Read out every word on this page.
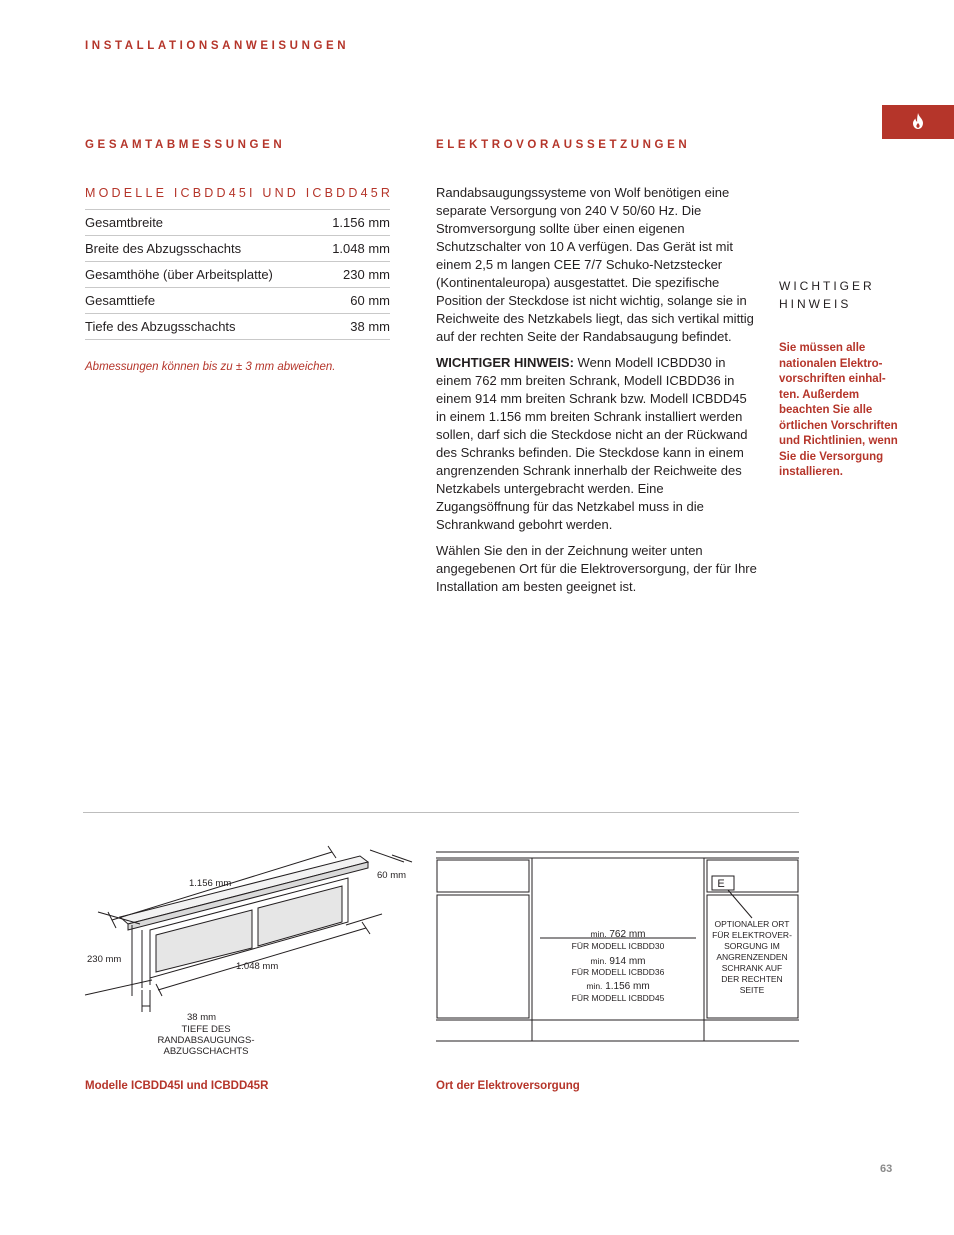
INSTALLATIONSANWEISUNGEN
GESAMTABMESSUNGEN	ELEKTROVORAUSSETZUNGEN
MODELLE ICBDD45I UND ICBDD45R
Gesamtbreite	1.156 mm
Breite des Abzugsschachts	1.048 mm
Gesamthöhe (über Arbeitsplatte)	230 mm
Gesamttiefe	60 mm
Tiefe des Abzugsschachts	38 mm
Abmessungen können bis zu ± 3 mm abweichen.

Randabsaugungssysteme von Wolf benötigen eine separate Versorgung von 240 V 50/60 Hz. Die Stromversorgung sollte über einen eigenen Schutzschalter von 10 A verfügen. Das Gerät ist mit einem 2,5 m langen CEE 7/7 Schuko-Netzstecker (Kontinentaleuropa) ausgestattet. Die spezifische Position der Steckdose ist nicht wichtig, solange sie in Reichweite des Netzkabels liegt, das sich vertikal mittig auf der rechten Seite der Randabsaugung befindet.

WICHTIGER HINWEIS: Wenn Modell ICBDD30 in einem 762 mm breiten Schrank, Modell ICBDD36 in einem 914 mm breiten Schrank bzw. Modell ICBDD45 in einem 1.156 mm breiten Schrank installiert werden sollen, darf sich die Steckdose nicht an der Rückwand des Schranks befinden. Die Steckdose kann in einem angrenzenden Schrank innerhalb der Reichweite des Netzkabels untergebracht werden. Eine Zugangsöffnung für das Netzkabel muss in die Schrankwand gebohrt werden.

Wählen Sie den in der Zeichnung weiter unten angegebenen Ort für die Elektroversorgung, der für Ihre Installation am besten geeignet ist.

WICHTIGER
HINWEIS
Sie müssen alle nationalen Elektro-vorschriften einhal-ten. Außerdem beachten Sie alle örtlichen Vorschriften und Richtlinien, wenn Sie die Versorgung installieren.
1.156 mm
60 mm
230 mm
1.048 mm
38 mm
TIEFE DES
RANDABSAUGUNGS-
ABZUGSCHACHTS
E
min. 762 mm
FÜR MODELL ICBDD30
min. 914 mm
FÜR MODELL ICBDD36
min. 1.156 mm
FÜR MODELL ICBDD45
OPTIONALER ORT
FÜR ELEKTROVER-
SORGUNG IM
ANGRENZENDEN
SCHRANK AUF
DER RECHTEN
SEITE
Modelle ICBDD45I und ICBDD45R	Ort der Elektroversorgung
63
